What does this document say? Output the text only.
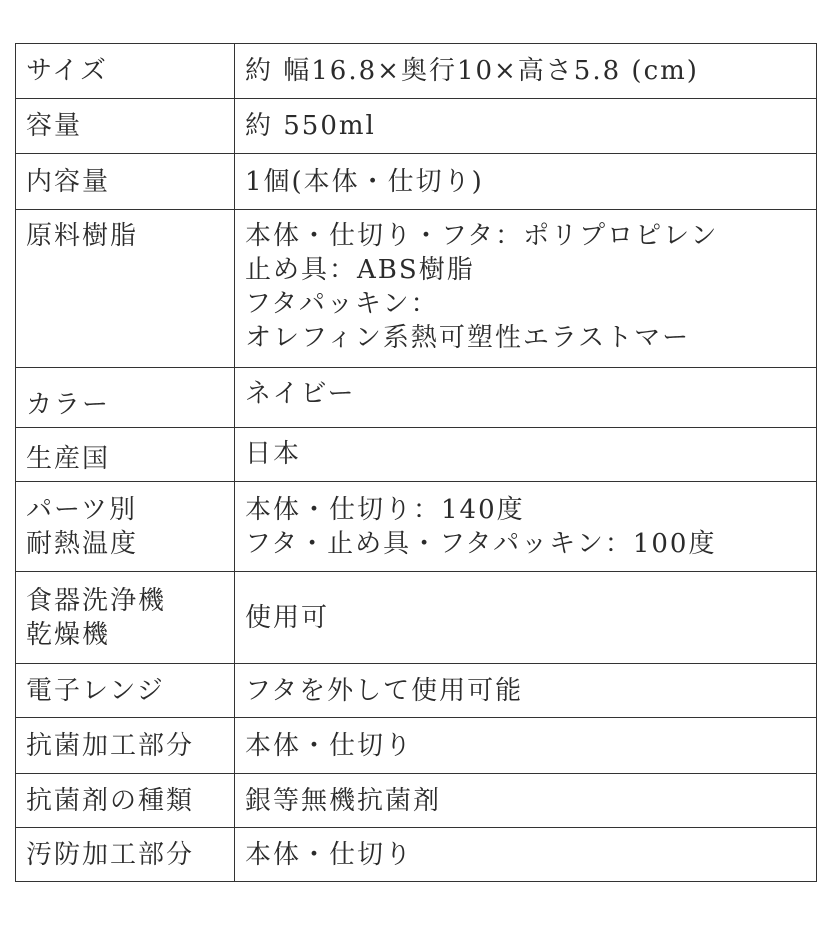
サイズ	約 幅16.8×奥行10×高さ5.8 (cm)

容量	約 550ml

内容量	1個(本体・仕切り)

原料樹脂	本体・仕切り・フタ：ポリプロピレン
止め具：ABS樹脂
フタパッキン：
オレフィン系熱可塑性エラストマー

カラー	ネイビー

生産国	日本

パーツ別
耐熱温度	本体・仕切り：140度
フタ・止め具・フタパッキン：100度

食器洗浄機
乾燥機	使用可

電子レンジ	フタを外して使用可能

抗菌加工部分	本体・仕切り

抗菌剤の種類	銀等無機抗菌剤

汚防加工部分	本体・仕切り
